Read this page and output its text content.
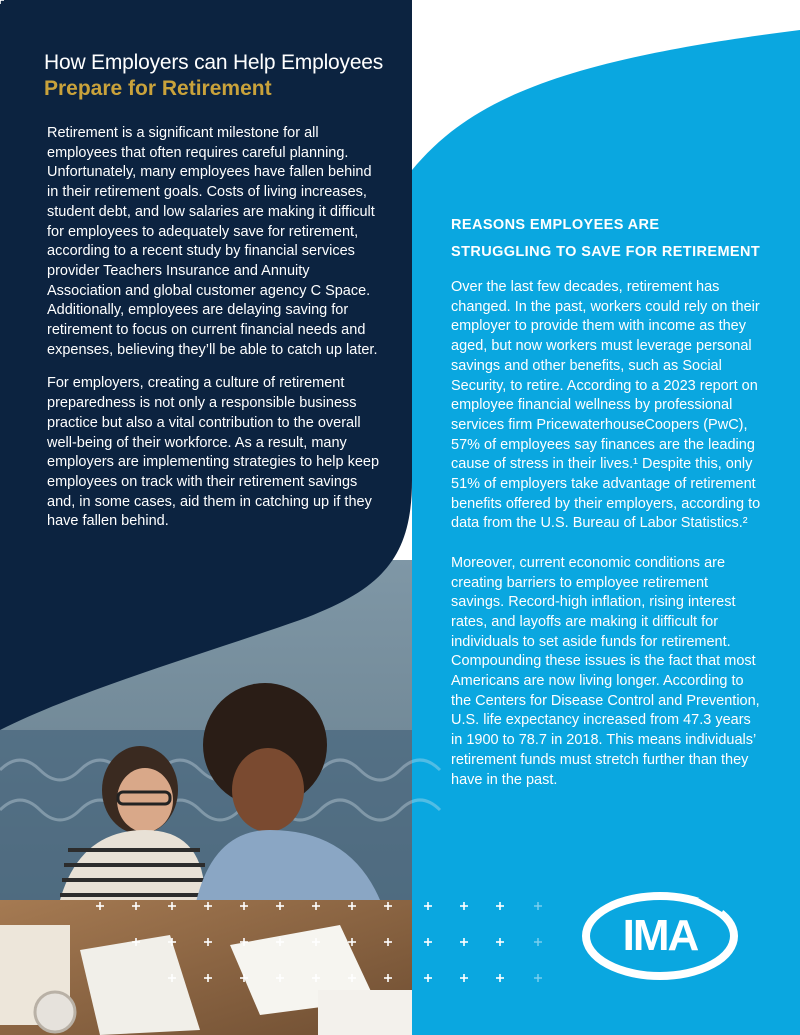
How Employers can Help Employees
Prepare for Retirement

Retirement is a significant milestone for all employees that often requires careful planning. Unfortunately, many employees have fallen behind in their retirement goals. Costs of living increases, student debt, and low salaries are making it difficult for employees to adequately save for retirement, according to a recent study by financial services provider Teachers Insurance and Annuity Association and global customer agency C Space. Additionally, employees are delaying saving for retirement to focus on current financial needs and expenses, believing they’ll be able to catch up later.

For employers, creating a culture of retirement preparedness is not only a responsible business practice but also a vital contribution to the overall well-being of their workforce. As a result, many employers are implementing strategies to help keep employees on track with their retirement savings and, in some cases, aid them in catching up if they have fallen behind.

REASONS EMPLOYEES ARE STRUGGLING TO SAVE FOR RETIREMENT

Over the last few decades, retirement has changed. In the past, workers could rely on their employer to provide them with income as they aged, but now workers must leverage personal savings and other benefits, such as Social Security, to retire. According to a 2023 report on employee financial wellness by professional services firm PricewaterhouseCoopers (PwC), 57% of employees say finances are the leading cause of stress in their lives.¹ Despite this, only 51% of employers take advantage of retirement benefits offered by their employers, according to data from the U.S. Bureau of Labor Statistics.²

Moreover, current economic conditions are creating barriers to employee retirement savings. Record-high inflation, rising interest rates, and layoffs are making it difficult for individuals to set aside funds for retirement. Compounding these issues is the fact that most Americans are now living longer. According to the Centers for Disease Control and Prevention, U.S. life expectancy increased from 47.3 years in 1900 to 78.7 in 2018. This means individuals’ retirement funds must stretch further than they have in the past.

IMA
